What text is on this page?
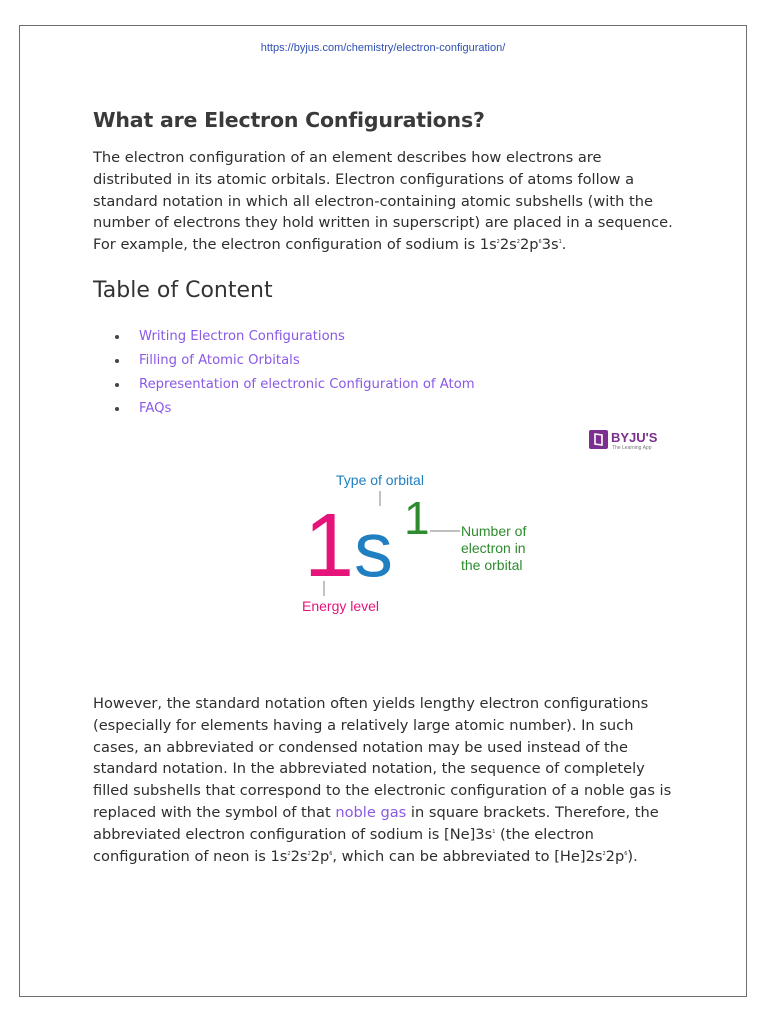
https://byjus.com/chemistry/electron-configuration/
What are Electron Configurations?

The electron configuration of an element describes how electrons are distributed in its atomic orbitals. Electron configurations of atoms follow a standard notation in which all electron-containing atomic subshells (with the number of electrons they hold written in superscript) are placed in a sequence. For example, the electron configuration of sodium is $1s^22s^22p^63s^1$.

Table of Content
Writing Electron Configurations
Filling of Atomic Orbitals
Representation of electronic Configuration of Atom
FAQs
BYJU'S
The Learning App
Type of orbital
1 s 1 Number of
electron in
the orbital
Energy level

However, the standard notation often yields lengthy electron configurations (especially for elements having a relatively large atomic number). In such cases, an abbreviated or condensed notation may be used instead of the standard notation. In the abbreviated notation, the sequence of completely filled subshells that correspond to the electronic configuration of a noble gas is replaced with the symbol of that noble gas in square brackets. Therefore, the abbreviated electron configuration of sodium is $[Ne]3s^1$ (the electron configuration of neon is $1s^22s^22p^6$, which can be abbreviated to $[He]2s^22p^6$).
